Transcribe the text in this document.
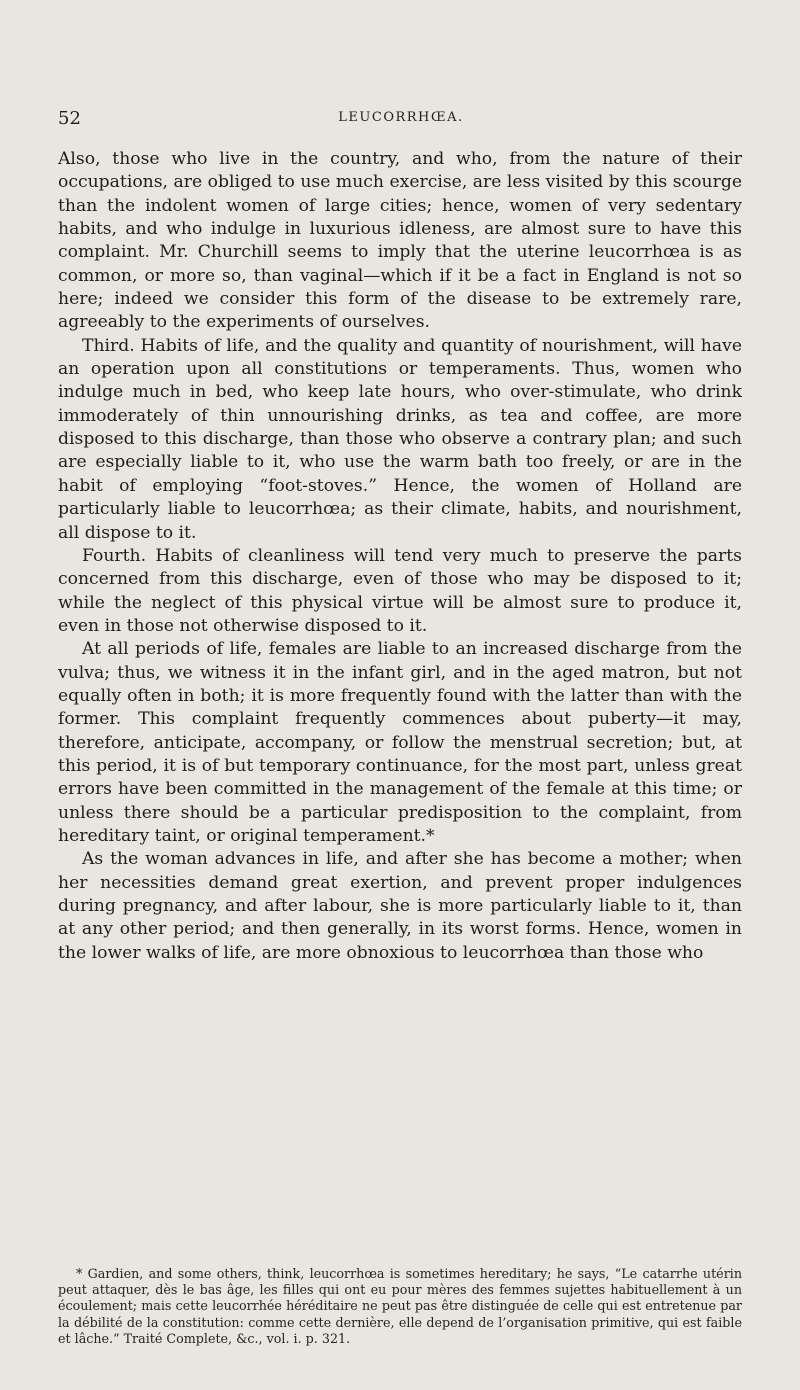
52	LEUCORRHŒA.

Also, those who live in the country, and who, from the nature of their occupations, are obliged to use much exercise, are less visited by this scourge than the indolent women of large cities; hence, women of very sedentary habits, and who indulge in luxurious idleness, are almost sure to have this complaint. Mr. Churchill seems to imply that the uterine leucorrhœa is as common, or more so, than vaginal—which if it be a fact in England is not so here; indeed we consider this form of the disease to be extremely rare, agreeably to the experiments of ourselves.

Third. Habits of life, and the quality and quantity of nourishment, will have an operation upon all constitutions or temperaments. Thus, women who indulge much in bed, who keep late hours, who over-stimulate, who drink immoderately of thin unnourishing drinks, as tea and coffee, are more disposed to this discharge, than those who observe a contrary plan; and such are especially liable to it, who use the warm bath too freely, or are in the habit of employing “foot-stoves.” Hence, the women of Holland are particularly liable to leucorrhœa; as their climate, habits, and nourishment, all dispose to it.

Fourth. Habits of cleanliness will tend very much to preserve the parts concerned from this discharge, even of those who may be disposed to it; while the neglect of this physical virtue will be almost sure to produce it, even in those not otherwise disposed to it.

At all periods of life, females are liable to an increased discharge from the vulva; thus, we witness it in the infant girl, and in the aged matron, but not equally often in both; it is more frequently found with the latter than with the former. This complaint frequently commences about puberty—it may, therefore, anticipate, accompany, or follow the menstrual secretion; but, at this period, it is of but temporary continuance, for the most part, unless great errors have been committed in the management of the female at this time; or unless there should be a particular predisposition to the complaint, from hereditary taint, or original temperament.*

As the woman advances in life, and after she has become a mother; when her necessities demand great exertion, and prevent proper indulgences during pregnancy, and after labour, she is more particularly liable to it, than at any other period; and then generally, in its worst forms. Hence, women in the lower walks of life, are more obnoxious to leucorrhœa than those who

* Gardien, and some others, think, leucorrhœa is sometimes hereditary; he says, “Le catarrhe utérin peut attaquer, dès le bas âge, les filles qui ont eu pour mères des femmes sujettes habituellement à un écoulement; mais cette leucorrhée héréditaire ne peut pas être distinguée de celle qui est entretenue par la débilité de la constitution: comme cette dernière, elle depend de l’organisation primitive, qui est faible et lâche.” Traité Complete, &c., vol. i. p. 321.
